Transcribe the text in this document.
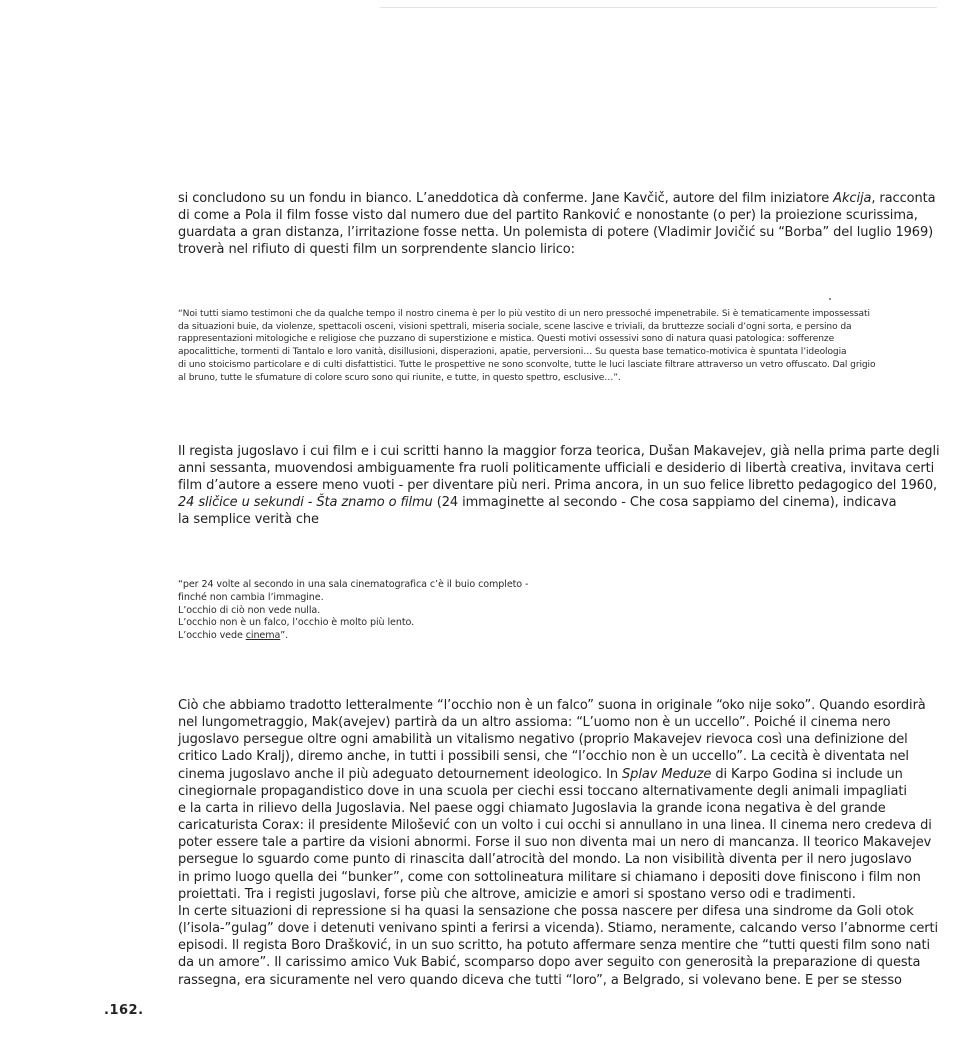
si concludono su un fondu in bianco. L’aneddotica dà conferme. Jane Kavčič, autore del film iniziatore Akcija, racconta
di come a Pola il film fosse visto dal numero due del partito Ranković e nonostante (o per) la proiezione scurissima,
guardata a gran distanza, l’irritazione fosse netta. Un polemista di potere (Vladimir Jovičić su “Borba” del luglio 1969)
troverà nel rifiuto di questi film un sorprendente slancio lirico:

“Noi tutti siamo testimoni che da qualche tempo il nostro cinema è per lo più vestito di un nero pressoché impenetrabile. Si è tematicamente impossessati
da situazioni buie, da violenze, spettacoli osceni, visioni spettrali, miseria sociale, scene lascive e triviali, da bruttezze sociali d’ogni sorta, e persino da
rappresentazioni mitologiche e religiose che puzzano di superstizione e mistica. Questi motivi ossessivi sono di natura quasi patologica: sofferenze
apocalittiche, tormenti di Tantalo e loro vanità, disillusioni, disperazioni, apatie, perversioni… Su questa base tematico-motivica è spuntata l’ideologia
di uno stoicismo particolare e di culti disfattistici. Tutte le prospettive ne sono sconvolte, tutte le luci lasciate filtrare attraverso un vetro offuscato. Dal grigio
al bruno, tutte le sfumature di colore scuro sono qui riunite, e tutte, in questo spettro, esclusive…”.

Il regista jugoslavo i cui film e i cui scritti hanno la maggior forza teorica, Dušan Makavejev, già nella prima parte degli
anni sessanta, muovendosi ambiguamente fra ruoli politicamente ufficiali e desiderio di libertà creativa, invitava certi
film d’autore a essere meno vuoti - per diventare più neri. Prima ancora, in un suo felice libretto pedagogico del 1960,
24 sličice u sekundi - Šta znamo o filmu (24 immaginette al secondo - Che cosa sappiamo del cinema), indicava
la semplice verità che

“per 24 volte al secondo in una sala cinematografica c’è il buio completo -
finché non cambia l’immagine.
L’occhio di ciò non vede nulla.
L’occhio non è un falco, l’occhio è molto più lento.
L’occhio vede cinema”.

Ciò che abbiamo tradotto letteralmente “l’occhio non è un falco” suona in originale “oko nije soko”. Quando esordirà
nel lungometraggio, Mak(avejev) partirà da un altro assioma: “L’uomo non è un uccello”. Poiché il cinema nero
jugoslavo persegue oltre ogni amabilità un vitalismo negativo (proprio Makavejev rievoca così una definizione del
critico Lado Kralj), diremo anche, in tutti i possibili sensi, che “l’occhio non è un uccello”. La cecità è diventata nel
cinema jugoslavo anche il più adeguato detournement ideologico. In Splav Meduze di Karpo Godina si include un
cinegiornale propagandistico dove in una scuola per ciechi essi toccano alternativamente degli animali impagliati
e la carta in rilievo della Jugoslavia. Nel paese oggi chiamato Jugoslavia la grande icona negativa è del grande
caricaturista Corax: il presidente Milošević con un volto i cui occhi si annullano in una linea. Il cinema nero credeva di
poter essere tale a partire da visioni abnormi. Forse il suo non diventa mai un nero di mancanza. Il teorico Makavejev
persegue lo sguardo come punto di rinascita dall’atrocità del mondo. La non visibilità diventa per il nero jugoslavo
in primo luogo quella dei “bunker”, come con sottolineatura militare si chiamano i depositi dove finiscono i film non
proiettati. Tra i registi jugoslavi, forse più che altrove, amicizie e amori si spostano verso odi e tradimenti.
In certe situazioni di repressione si ha quasi la sensazione che possa nascere per difesa una sindrome da Goli otok
(l’isola-”gulag” dove i detenuti venivano spinti a ferirsi a vicenda). Stiamo, neramente, calcando verso l’abnorme certi
episodi. Il regista Boro Drašković, in un suo scritto, ha potuto affermare senza mentire che “tutti questi film sono nati
da un amore”. Il carissimo amico Vuk Babić, scomparso dopo aver seguito con generosità la preparazione di questa
rassegna, era sicuramente nel vero quando diceva che tutti “loro”, a Belgrado, si volevano bene. E per se stesso

.162.
